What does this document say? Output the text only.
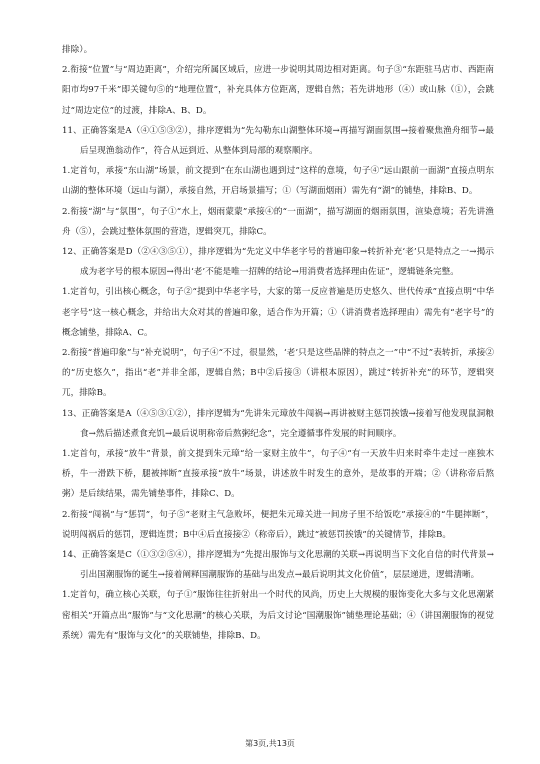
排除）。

2.衔接“位置”与“周边距离”，介绍完所属区域后，应进一步说明其周边相对距离。句子③“东距驻马店市、西距南阳市均97千米”即关键句⑤的“地理位置”，补充具体方位距离，逻辑自然；若先讲地形（④）或山脉（①），会跳过“周边定位”的过渡，排除A、B、D。

11、正确答案是A（④①⑤③②），排序逻辑为“先勾勒东山湖整体环境→再描写湖面氛围→接着聚焦渔舟细节→最后呈现渔翁动作”，符合从远到近、从整体到局部的观察顺序。

1.定首句，承接“东山湖”场景，前文提到“在东山湖也遇到过”这样的意境，句子④“远山跟前一面湖”直接点明东山湖的整体环境（远山与湖），承接自然，开启场景描写；①（写湖面烟雨）需先有“湖”的铺垫，排除B、D。

2.衔接“湖”与“氛围”，句子①“水上，烟雨蒙蒙”承接④的“一面湖”，描写湖面的烟雨氛围，渲染意境；若先讲渔舟（⑤），会跳过整体氛围的营造，逻辑突兀，排除C。

12、正确答案是D（②④③⑤①），排序逻辑为“先定义中华老字号的普遍印象→转折补充‘老’只是特点之一→揭示成为老字号的根本原因→得出‘老’不能是唯一招牌的结论→用消费者选择理由佐证”，逻辑链条完整。

1.定首句，引出核心概念，句子②“提到中华老字号，大家的第一反应普遍是历史悠久、世代传承”直接点明“中华老字号”这一核心概念，并给出大众对其的普遍印象，适合作为开篇；①（讲消费者选择理由）需先有“老字号”的概念铺垫，排除A、C。

2.衔接“普遍印象”与“补充说明”，句子④“不过，很显然，‘老’只是这些品牌的特点之一”中“不过”表转折，承接②的“历史悠久”，指出“老”并非全部，逻辑自然；B中②后接③（讲根本原因），跳过“转折补充”的环节，逻辑突兀，排除B。

13、正确答案是A（④⑤③①②），排序逻辑为“先讲朱元璋放牛闯祸→再讲被财主惩罚挨饿→接着写他发现鼠洞粮食→然后描述煮食充饥→最后说明称帝后熬粥纪念”，完全遵循事件发展的时间顺序。

1.定首句，承接“放牛”背景，前文提到朱元璋“给一家财主放牛”，句子④“有一天放牛归来时牵牛走过一座独木桥，牛一滑跌下桥，腿被摔断”直接承接“放牛”场景，讲述放牛时发生的意外，是故事的开端；②（讲称帝后熬粥）是后续结果，需先铺垫事件，排除C、D。

2.衔接“闯祸”与“惩罚”，句子⑤“老财主气急败坏，便把朱元璋关进一间房子里不给饭吃”承接④的“牛腿摔断”，说明闯祸后的惩罚，逻辑连贯；B中④后直接接②（称帝后），跳过“被惩罚挨饿”的关键情节，排除B。

14、正确答案是C（①③②⑤④），排序逻辑为“先提出服饰与文化思潮的关联→再说明当下文化自信的时代背景→引出国潮服饰的诞生→接着阐释国潮服饰的基础与出发点→最后说明其文化价值”，层层递进，逻辑清晰。

1.定首句，确立核心关联，句子①“服饰往往折射出一个时代的风尚，历史上大规模的服饰变化大多与文化思潮紧密相关”开篇点出“服饰”与“文化思潮”的核心关联，为后文讨论“国潮服饰”铺垫理论基础；④（讲国潮服饰的视觉系统）需先有“服饰与文化”的关联铺垫，排除B、D。

第3页,共13页
